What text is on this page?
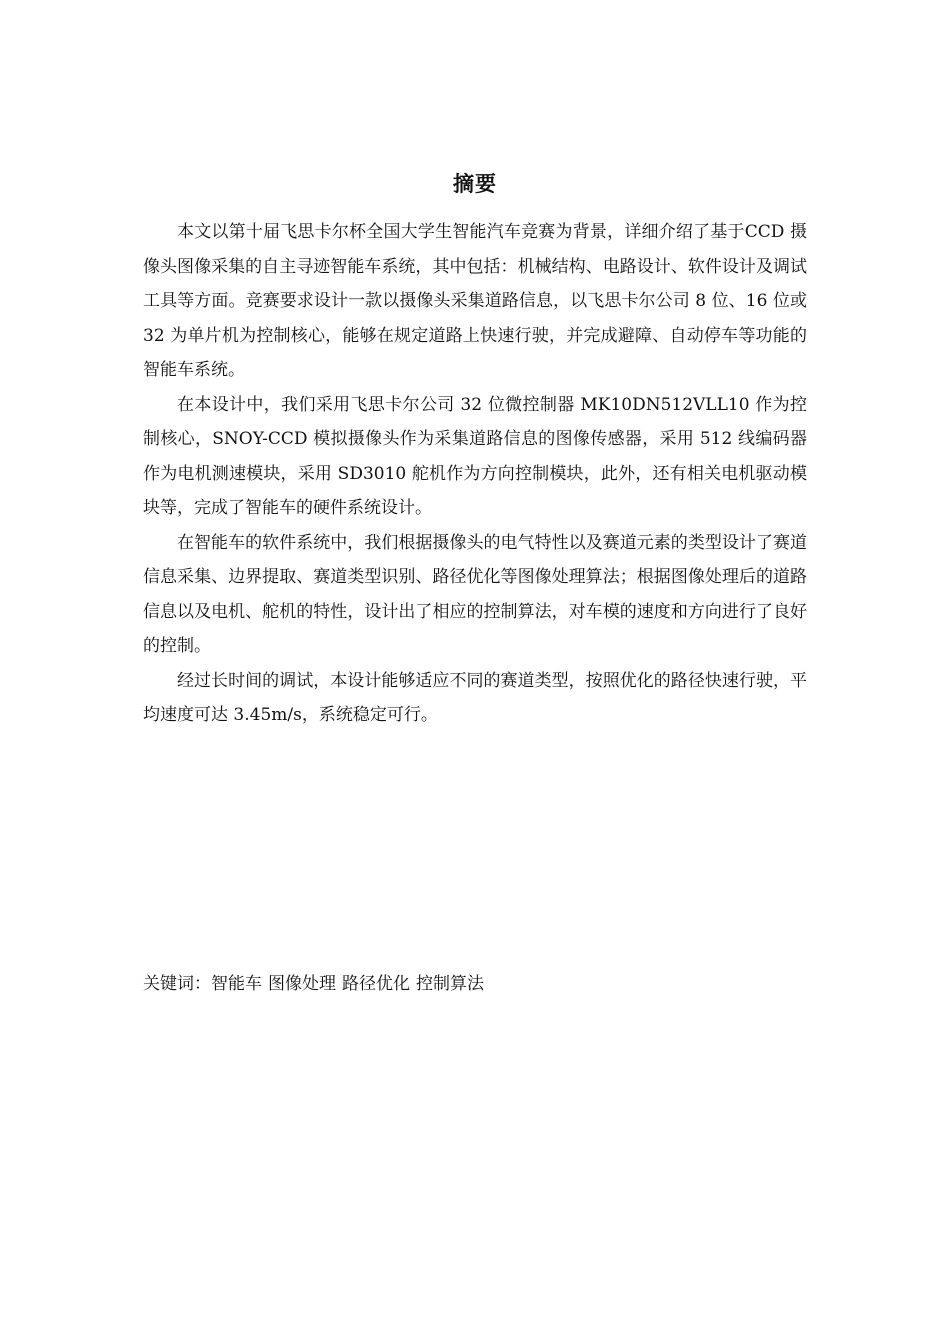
摘要

本文以第十届飞思卡尔杯全国大学生智能汽车竞赛为背景，详细介绍了基于CCD 摄像头图像采集的自主寻迹智能车系统，其中包括：机械结构、电路设计、软件设计及调试工具等方面。竞赛要求设计一款以摄像头采集道路信息，以飞思卡尔公司 8 位、16 位或 32 为单片机为控制核心，能够在规定道路上快速行驶，并完成避障、自动停车等功能的智能车系统。

在本设计中，我们采用飞思卡尔公司 32 位微控制器 MK10DN512VLL10 作为控制核心，SNOY-CCD 模拟摄像头作为采集道路信息的图像传感器，采用 512 线编码器作为电机测速模块，采用 SD3010 舵机作为方向控制模块，此外，还有相关电机驱动模块等，完成了智能车的硬件系统设计。

在智能车的软件系统中，我们根据摄像头的电气特性以及赛道元素的类型设计了赛道信息采集、边界提取、赛道类型识别、路径优化等图像处理算法；根据图像处理后的道路信息以及电机、舵机的特性，设计出了相应的控制算法，对车模的速度和方向进行了良好的控制。

经过长时间的调试，本设计能够适应不同的赛道类型，按照优化的路径快速行驶，平均速度可达 3.45m/s，系统稳定可行。

关键词：智能车 图像处理 路径优化 控制算法
